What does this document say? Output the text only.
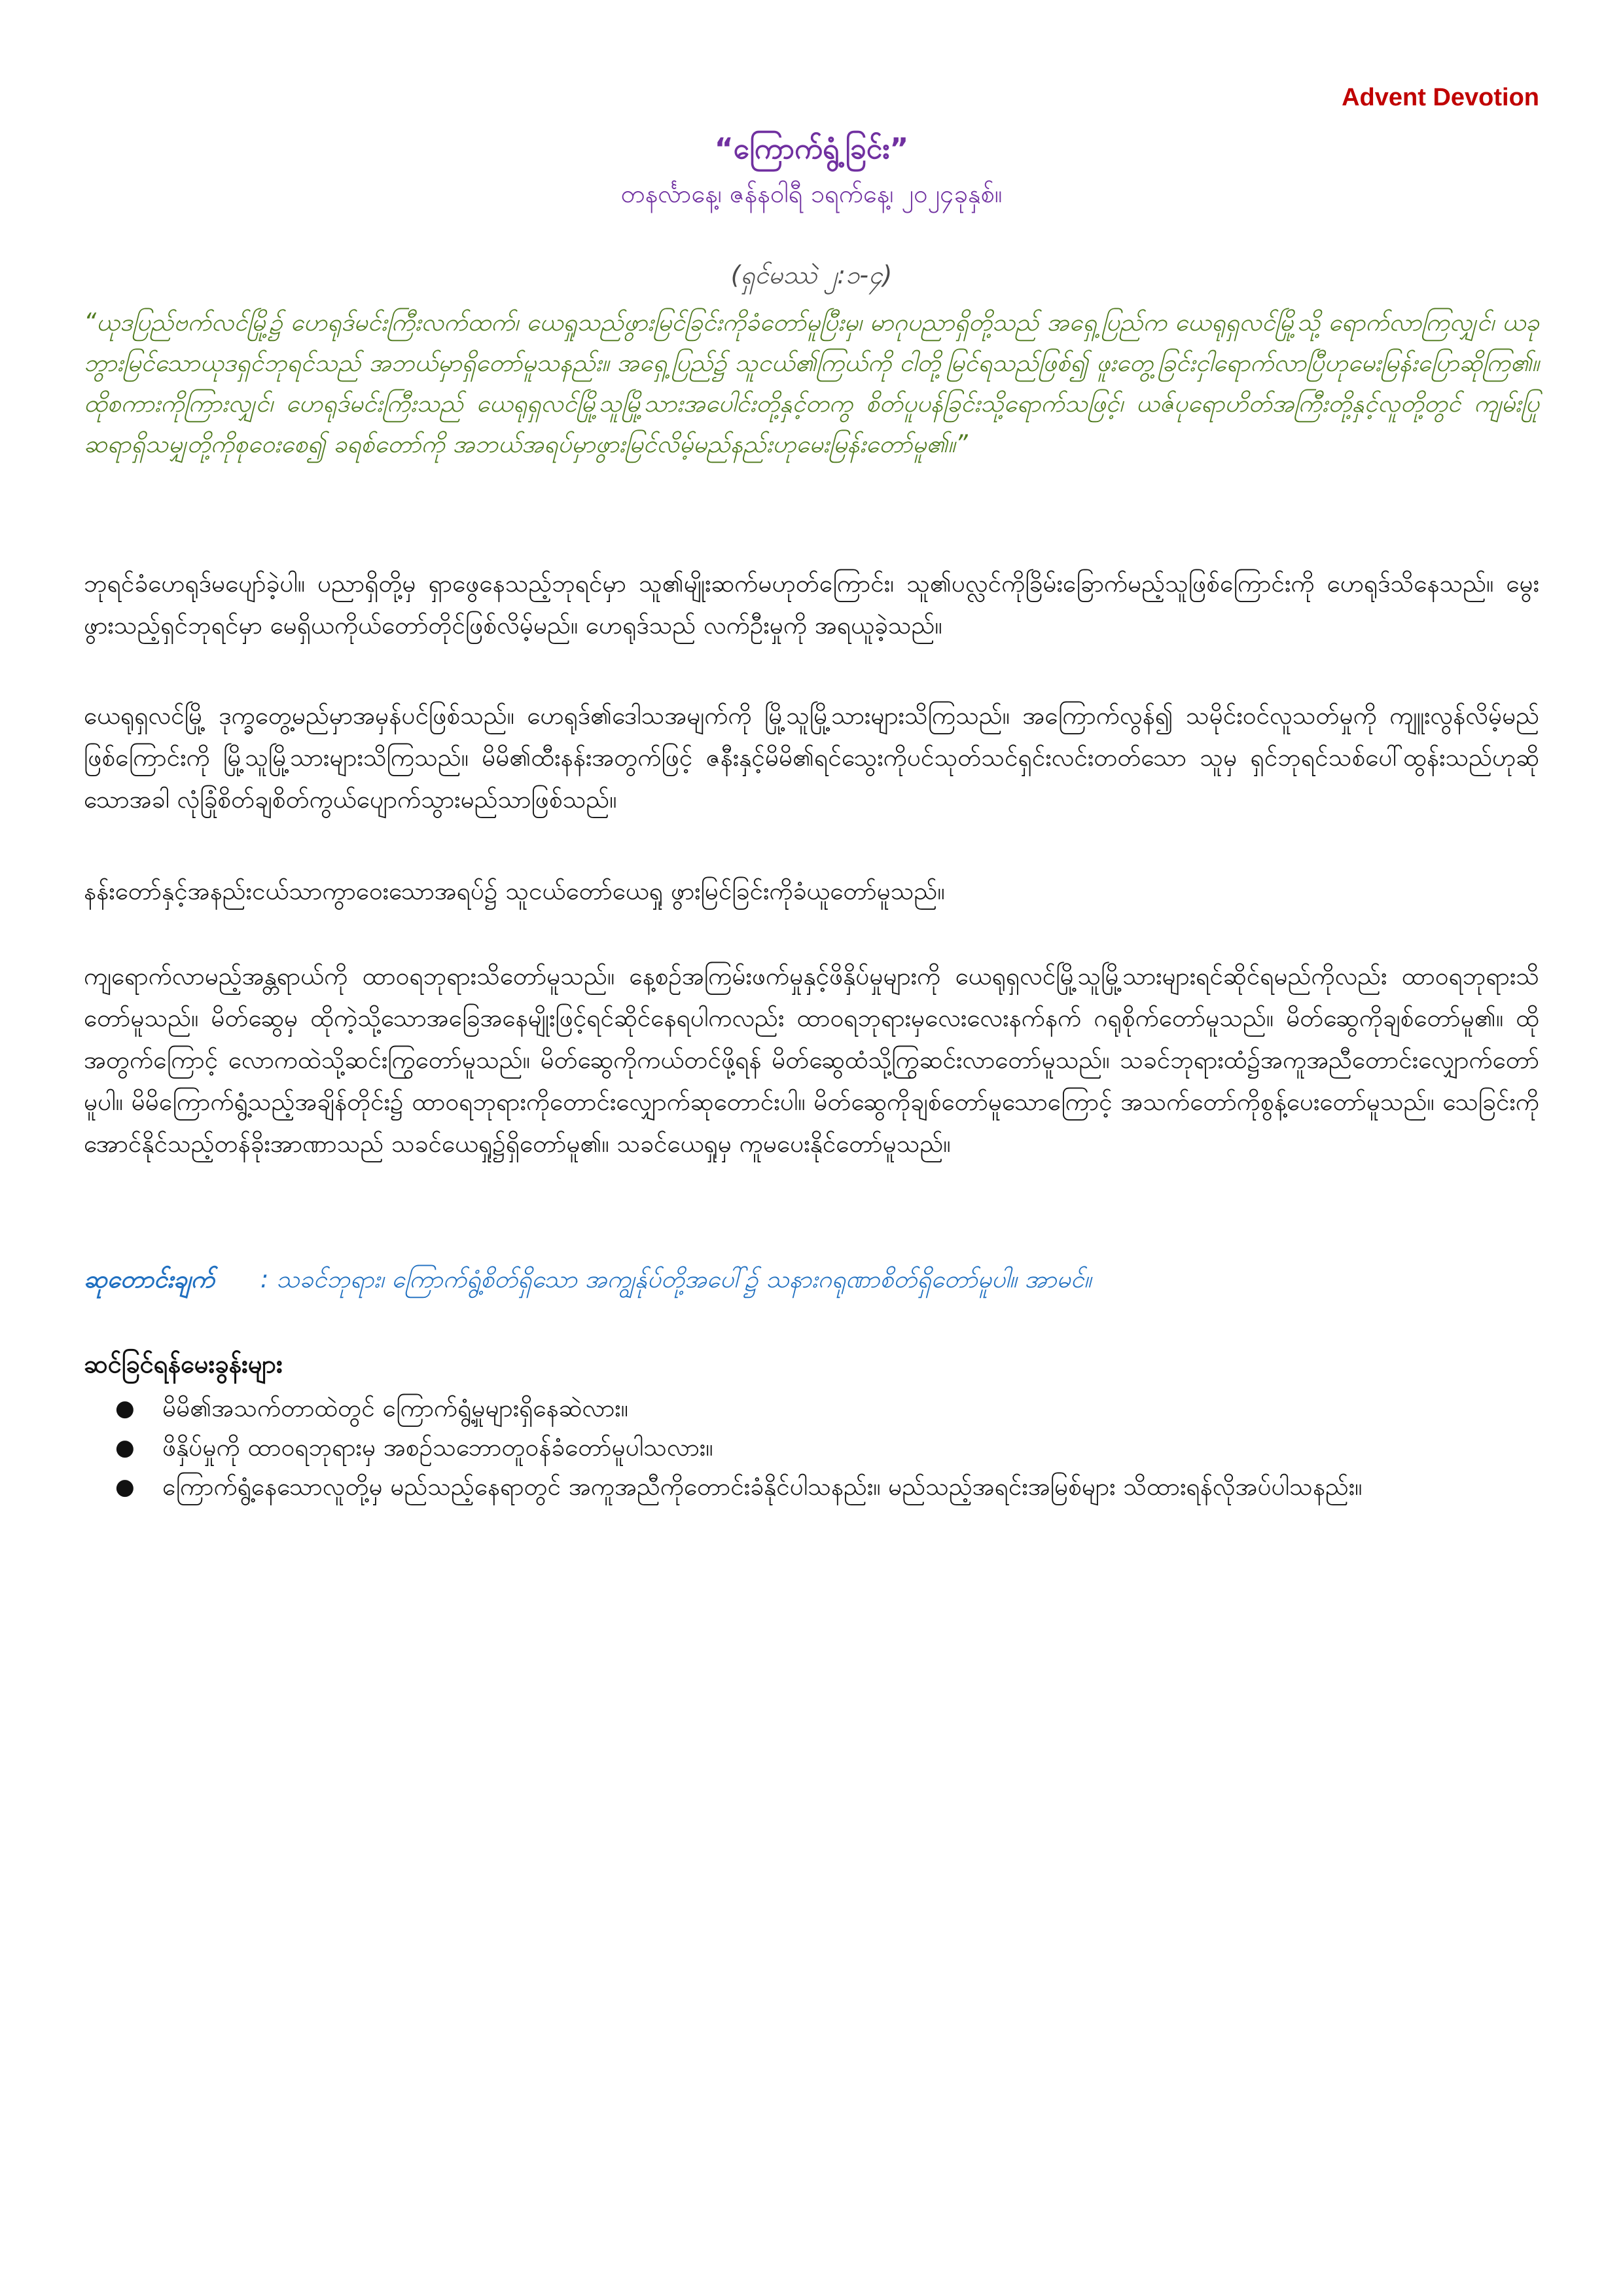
Advent Devotion
“ကြောက်ရွံ့ခြင်း”
တနင်္လာနေ့၊ ဇန်နဝါရီ ၁ရက်နေ့၊ ၂၀၂၄ခုနှစ်။
(ရှင်မဿဲ ၂:၁-၄)
“ယုဒပြည်ဗက်လင်မြို့၌ ဟေရုဒ်မင်းကြီးလက်ထက်၊ ယေရှုသည်ဖွားမြင်ခြင်းကိုခံတော်မူပြီးမှ၊ မာဂုပညာရှိတို့သည် အရှေ့ပြည်က ယေရုရှလင်မြို့သို့ ရောက်လာကြလျှင်၊ ယခုဘွားမြင်သောယုဒရှင်ဘုရင်သည် အဘယ်မှာရှိတော်မူသနည်း။ အရှေ့ပြည်၌ သူငယ်၏ကြယ်ကို ငါတို့မြင်ရသည်ဖြစ်၍ ဖူးတွေ့ခြင်းငှါရောက်လာပြီဟုမေးမြန်းပြောဆိုကြ၏။ ထိုစကားကိုကြားလျှင်၊ ဟေရုဒ်မင်းကြီးသည် ယေရုရှလင်မြို့သူမြို့သားအပေါင်းတို့နှင့်တကွ စိတ်ပူပန်ခြင်းသို့ရောက်သဖြင့်၊ ယဇ်ပုရောဟိတ်အကြီးတို့နှင့်လူတို့တွင် ကျမ်းပြုဆရာရှိသမျှတို့ကိုစုဝေးစေ၍ ခရစ်တော်ကို အဘယ်အရပ်မှာဖွားမြင်လိမ့်မည်နည်းဟုမေးမြန်းတော်မူ၏။”
ဘုရင်ခံဟေရုဒ်မပျော်ခဲ့ပါ။ ပညာရှိတို့မှ ရှာဖွေနေသည့်ဘုရင်မှာ သူ၏မျိုးဆက်မဟုတ်ကြောင်း၊ သူ၏ပလ္လင်ကိုခြိမ်းခြောက်မည့်သူဖြစ်ကြောင်းကို ဟေရုဒ်သိနေသည်။ မွေးဖွားသည့်ရှင်ဘုရင်မှာ မေရှိယကိုယ်တော်တိုင်ဖြစ်လိမ့်မည်။ ဟေရုဒ်သည် လက်ဦးမှုကို အရယူခဲ့သည်။
ယေရုရှလင်မြို့ ဒုက္ခတွေ့မည်မှာအမှန်ပင်ဖြစ်သည်။ ဟေရုဒ်၏ဒေါသအမျက်ကို မြို့သူမြို့သားများသိကြသည်။ အကြောက်လွန်၍ သမိုင်းဝင်လူသတ်မှုကို ကျူးလွန်လိမ့်မည်ဖြစ်ကြောင်းကို မြို့သူမြို့သားများသိကြသည်။ မိမိ၏ထီးနန်းအတွက်ဖြင့် ဇနီးနှင့်မိမိ၏ရင်သွေးကိုပင်သုတ်သင်ရှင်းလင်းတတ်သော သူမှ ရှင်ဘုရင်သစ်ပေါ်ထွန်းသည်ဟုဆိုသောအခါ လုံခြုံစိတ်ချစိတ်ကွယ်ပျောက်သွားမည်သာဖြစ်သည်။
နန်းတော်နှင့်အနည်းငယ်သာကွာဝေးသောအရပ်၌ သူငယ်တော်ယေရှု ဖွားမြင်ခြင်းကိုခံယူတော်မူသည်။
ကျရောက်လာမည့်အန္တရာယ်ကို ထာဝရဘုရားသိတော်မူသည်။ နေ့စဉ်အကြမ်းဖက်မှုနှင့်ဖိနှိပ်မှုများကို ယေရုရှလင်မြို့သူမြို့သားများရင်ဆိုင်ရမည်ကိုလည်း ထာဝရဘုရားသိတော်မူသည်။ မိတ်ဆွေမှ ထိုကဲ့သို့သောအခြေအနေမျိုးဖြင့်ရင်ဆိုင်နေရပါကလည်း ထာဝရဘုရားမှလေးလေးနက်နက် ဂရုစိုက်တော်မူသည်။ မိတ်ဆွေကိုချစ်တော်မူ၏။ ထိုအတွက်ကြောင့် လောကထဲသို့ဆင်းကြွတော်မူသည်။ မိတ်ဆွေကိုကယ်တင်ဖို့ရန် မိတ်ဆွေထံသို့ကြွဆင်းလာတော်မူသည်။ သခင်ဘုရားထံ၌အကူအညီတောင်းလျှောက်တော်မူပါ။ မိမိကြောက်ရွံ့သည့်အချိန်တိုင်း၌ ထာဝရဘုရားကိုတောင်းလျှောက်ဆုတောင်းပါ။ မိတ်ဆွေကိုချစ်တော်မူသောကြောင့် အသက်တော်ကိုစွန့်ပေးတော်မူသည်။ သေခြင်းကိုအောင်နိုင်သည့်တန်ခိုးအာဏာသည် သခင်ယေရှု၌ရှိတော်မူ၏။ သခင်ယေရှုမှ ကူမပေးနိုင်တော်မူသည်။
ဆုတောင်းချက် : သခင်ဘုရား၊ ကြောက်ရွံ့စိတ်ရှိသော အကျွန်ုပ်တို့အပေါ်၌ သနားဂရုဏာစိတ်ရှိတော်မူပါ။ အာမင်။
ဆင်ခြင်ရန်မေးခွန်းများ
● မိမိ၏အသက်တာထဲတွင် ကြောက်ရွံ့မှုများရှိနေဆဲလား။
● ဖိနှိပ်မှုကို ထာဝရဘုရားမှ အစဉ်သဘောတူဝန်ခံတော်မူပါသလား။
● ကြောက်ရွံ့နေသောလူတို့မှ မည်သည့်နေရာတွင် အကူအညီကိုတောင်းခံနိုင်ပါသနည်း။ မည်သည့်အရင်းအမြစ်များ သိထားရန်လိုအပ်ပါသနည်း။
